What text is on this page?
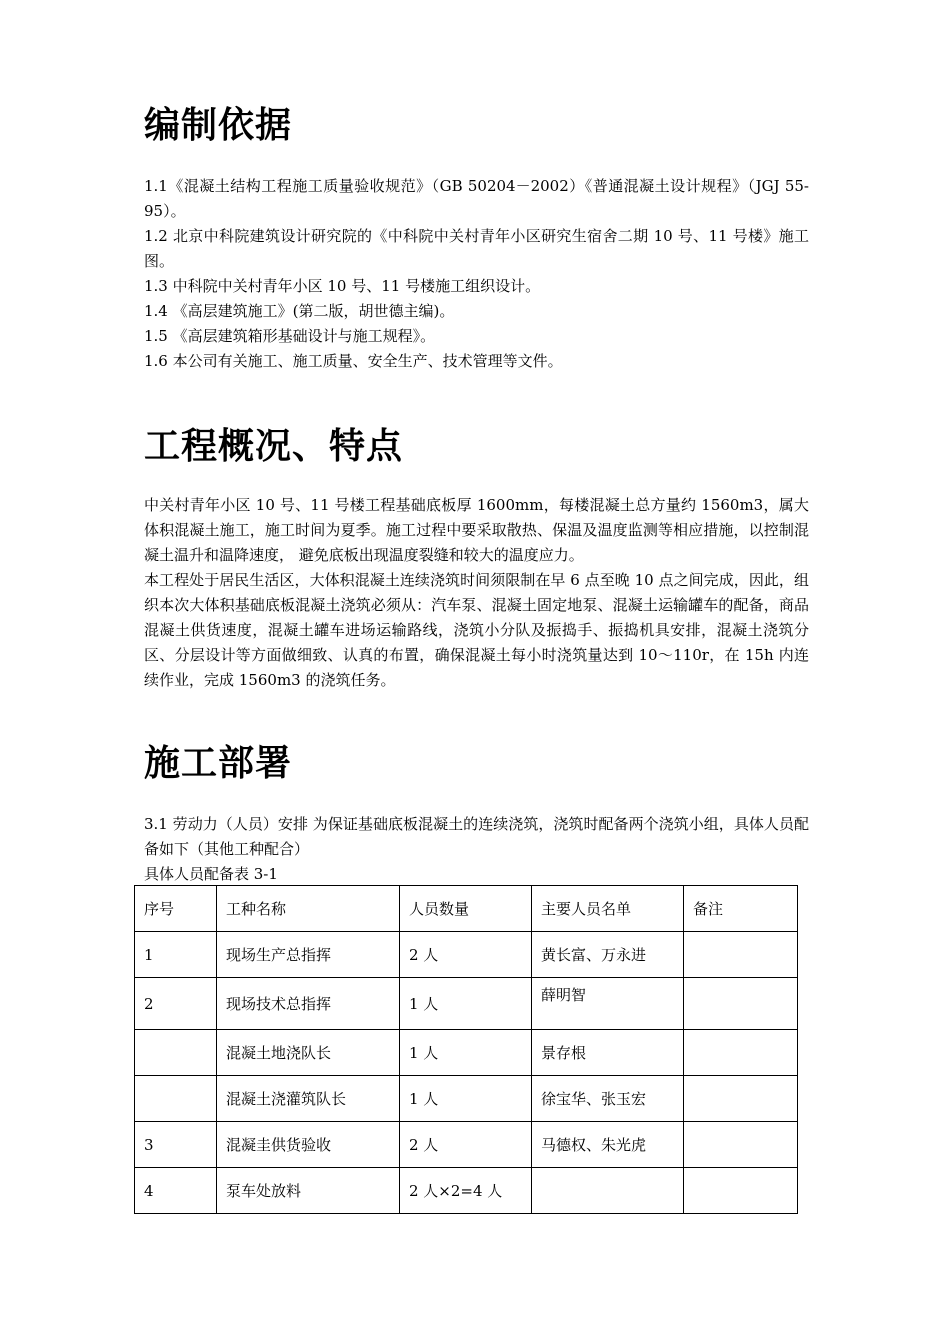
编制依据

1.1《混凝土结构工程施工质量验收规范》（GB 50204－2002）《普通混凝土设计规程》（JGJ 55-95）。

1.2 北京中科院建筑设计研究院的《中科院中关村青年小区研究生宿舍二期 10 号、11 号楼》施工图。

1.3 中科院中关村青年小区 10 号、11 号楼施工组织设计。

1.4 《高层建筑施工》(第二版，胡世德主编)。

1.5 《高层建筑箱形基础设计与施工规程》。

1.6 本公司有关施工、施工质量、安全生产、技术管理等文件。

工程概况、特点

中关村青年小区 10 号、11 号楼工程基础底板厚 1600mm，每楼混凝土总方量约 1560m3，属大体积混凝土施工，施工时间为夏季。施工过程中要采取散热、保温及温度监测等相应措施，以控制混凝土温升和温降速度， 避免底板出现温度裂缝和较大的温度应力。

本工程处于居民生活区，大体积混凝土连续浇筑时间须限制在早 6 点至晚 10 点之间完成，因此，组织本次大体积基础底板混凝土浇筑必须从：汽车泵、混凝土固定地泵、混凝土运输罐车的配备，商品混凝土供货速度，混凝土罐车进场运输路线，浇筑小分队及振捣手、振捣机具安排，混凝土浇筑分区、分层设计等方面做细致、认真的布置，确保混凝土每小时浇筑量达到 10～110r，在 15h 内连续作业，完成 1560m3 的浇筑任务。

施工部署

3.1 劳动力（人员）安排 为保证基础底板混凝土的连续浇筑，浇筑时配备两个浇筑小组，具体人员配备如下（其他工种配合）

具体人员配备表 3-1

序号	工种名称	人员数量	主要人员名单	备注
1	现场生产总指挥	2 人	黄长富、万永进	
2	现场技术总指挥	1 人	薛明智	
	混凝土地浇队长	1 人	景存根	
	混凝土浇灌筑队长	1 人	徐宝华、张玉宏	
3	混凝圭供货验收	2 人	马德权、朱光虎	
4	泵车处放料	2 人×2=4 人		
